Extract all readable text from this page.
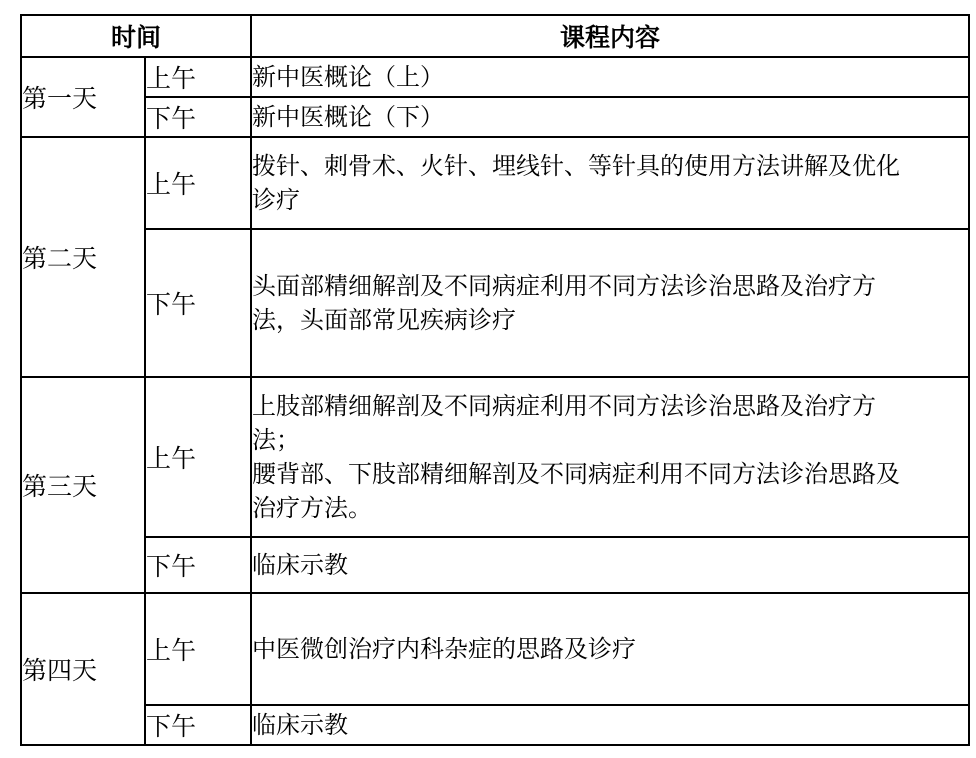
时间		课程内容
第一天	上午	新中医概论（上）

	下午	新中医概论（下）

第二天	上午	拨针、刺骨术、火针、埋线针、等针具的使用方法讲解及优化
诊疗

	下午	头面部精细解剖及不同病症利用不同方法诊治思路及治疗方
法，头面部常见疾病诊疗

第三天	上午	上肢部精细解剖及不同病症利用不同方法诊治思路及治疗方
法；
腰背部、下肢部精细解剖及不同病症利用不同方法诊治思路及
治疗方法。

	下午	临床示教

第四天	上午	中医微创治疗内科杂症的思路及诊疗

	下午	临床示教
